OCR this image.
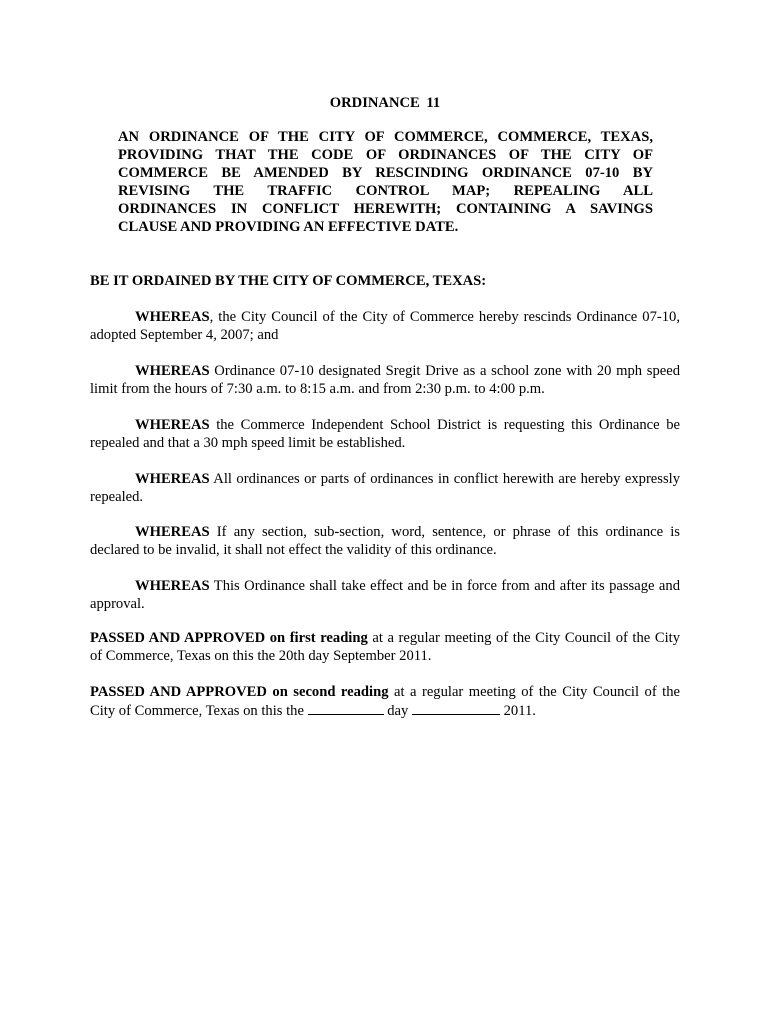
ORDINANCE 11
AN ORDINANCE OF THE CITY OF COMMERCE, COMMERCE, TEXAS,
PROVIDING THAT THE CODE OF ORDINANCES OF THE CITY OF
COMMERCE BE AMENDED BY RESCINDING ORDINANCE 07-10 BY
REVISING THE TRAFFIC CONTROL MAP; REPEALING ALL
ORDINANCES IN CONFLICT HEREWITH; CONTAINING A SAVINGS
CLAUSE AND PROVIDING AN EFFECTIVE DATE.
BE IT ORDAINED BY THE CITY OF COMMERCE, TEXAS:
WHEREAS, the City Council of the City of Commerce hereby rescinds Ordinance 07-10, adopted September 4, 2007; and
WHEREAS Ordinance 07-10 designated Sregit Drive as a school zone with 20 mph speed limit from the hours of 7:30 a.m. to 8:15 a.m. and from 2:30 p.m. to 4:00 p.m.
WHEREAS the Commerce Independent School District is requesting this Ordinance be repealed and that a 30 mph speed limit be established.
WHEREAS All ordinances or parts of ordinances in conflict herewith are hereby expressly repealed.
WHEREAS If any section, sub-section, word, sentence, or phrase of this ordinance is declared to be invalid, it shall not effect the validity of this ordinance.
WHEREAS This Ordinance shall take effect and be in force from and after its passage and approval.
PASSED AND APPROVED on first reading at a regular meeting of the City Council of the City of Commerce, Texas on this the 20th day September 2011.
PASSED AND APPROVED on second reading at a regular meeting of the City Council of the City of Commerce, Texas on this the	day	2011.
